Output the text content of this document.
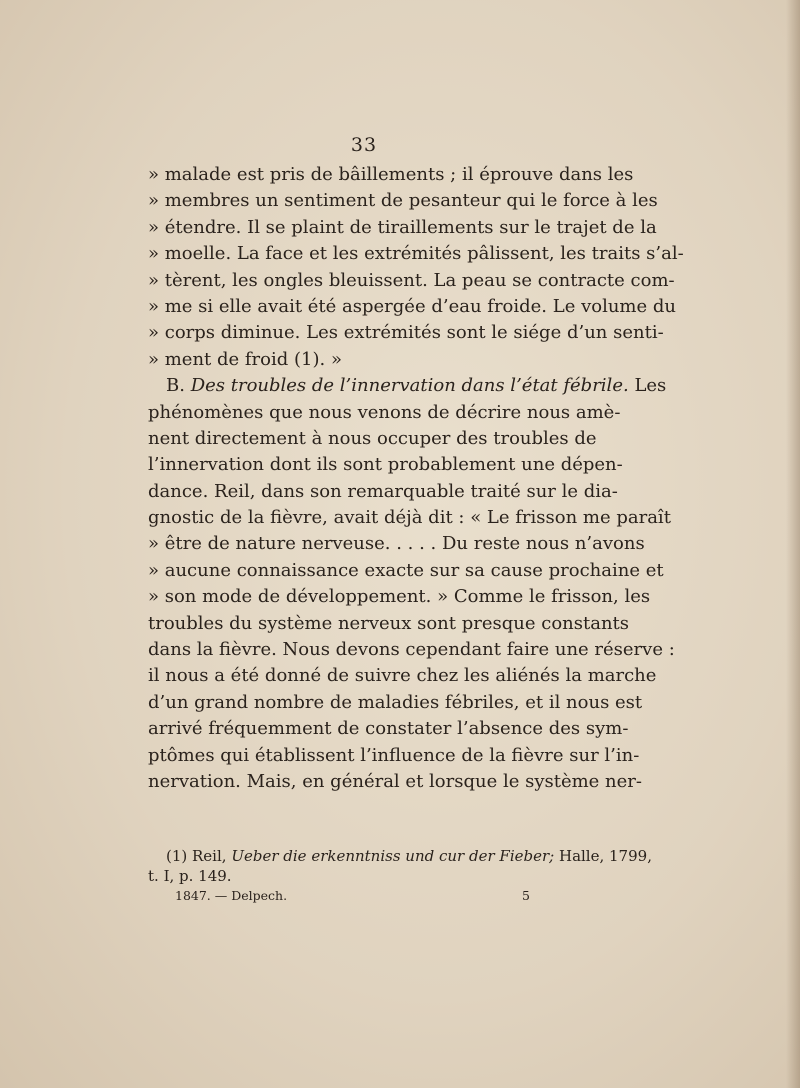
33
» malade est pris de bâillements ; il éprouve dans les
» membres un sentiment de pesanteur qui le force à les
» étendre. Il se plaint de tiraillements sur le trajet de la
» moelle. La face et les extrémités pâlissent, les traits s’al-
» tèrent, les ongles bleuissent. La peau se contracte com-
» me si elle avait été aspergée d’eau froide. Le volume du
» corps diminue. Les extrémités sont le siége d’un senti-
» ment de froid (1). »
B. Des troubles de l’innervation dans l’état fébrile. Les
phénomènes que nous venons de décrire nous amè-
nent directement à nous occuper des troubles de
l’innervation dont ils sont probablement une dépen-
dance. Reil, dans son remarquable traité sur le dia-
gnostic de la fièvre, avait déjà dit : « Le frisson me paraît
» être de nature nerveuse. . . . . Du reste nous n’avons
» aucune connaissance exacte sur sa cause prochaine et
» son mode de développement. » Comme le frisson, les
troubles du système nerveux sont presque constants
dans la fièvre. Nous devons cependant faire une réserve :
il nous a été donné de suivre chez les aliénés la marche
d’un grand nombre de maladies fébriles, et il nous est
arrivé fréquemment de constater l’absence des sym-
ptômes qui établissent l’influence de la fièvre sur l’in-
nervation. Mais, en général et lorsque le système ner-
(1) Reil, Ueber die erkenntniss und cur der Fieber; Halle, 1799,
t. I, p. 149.
1847. — Delpech.	5
